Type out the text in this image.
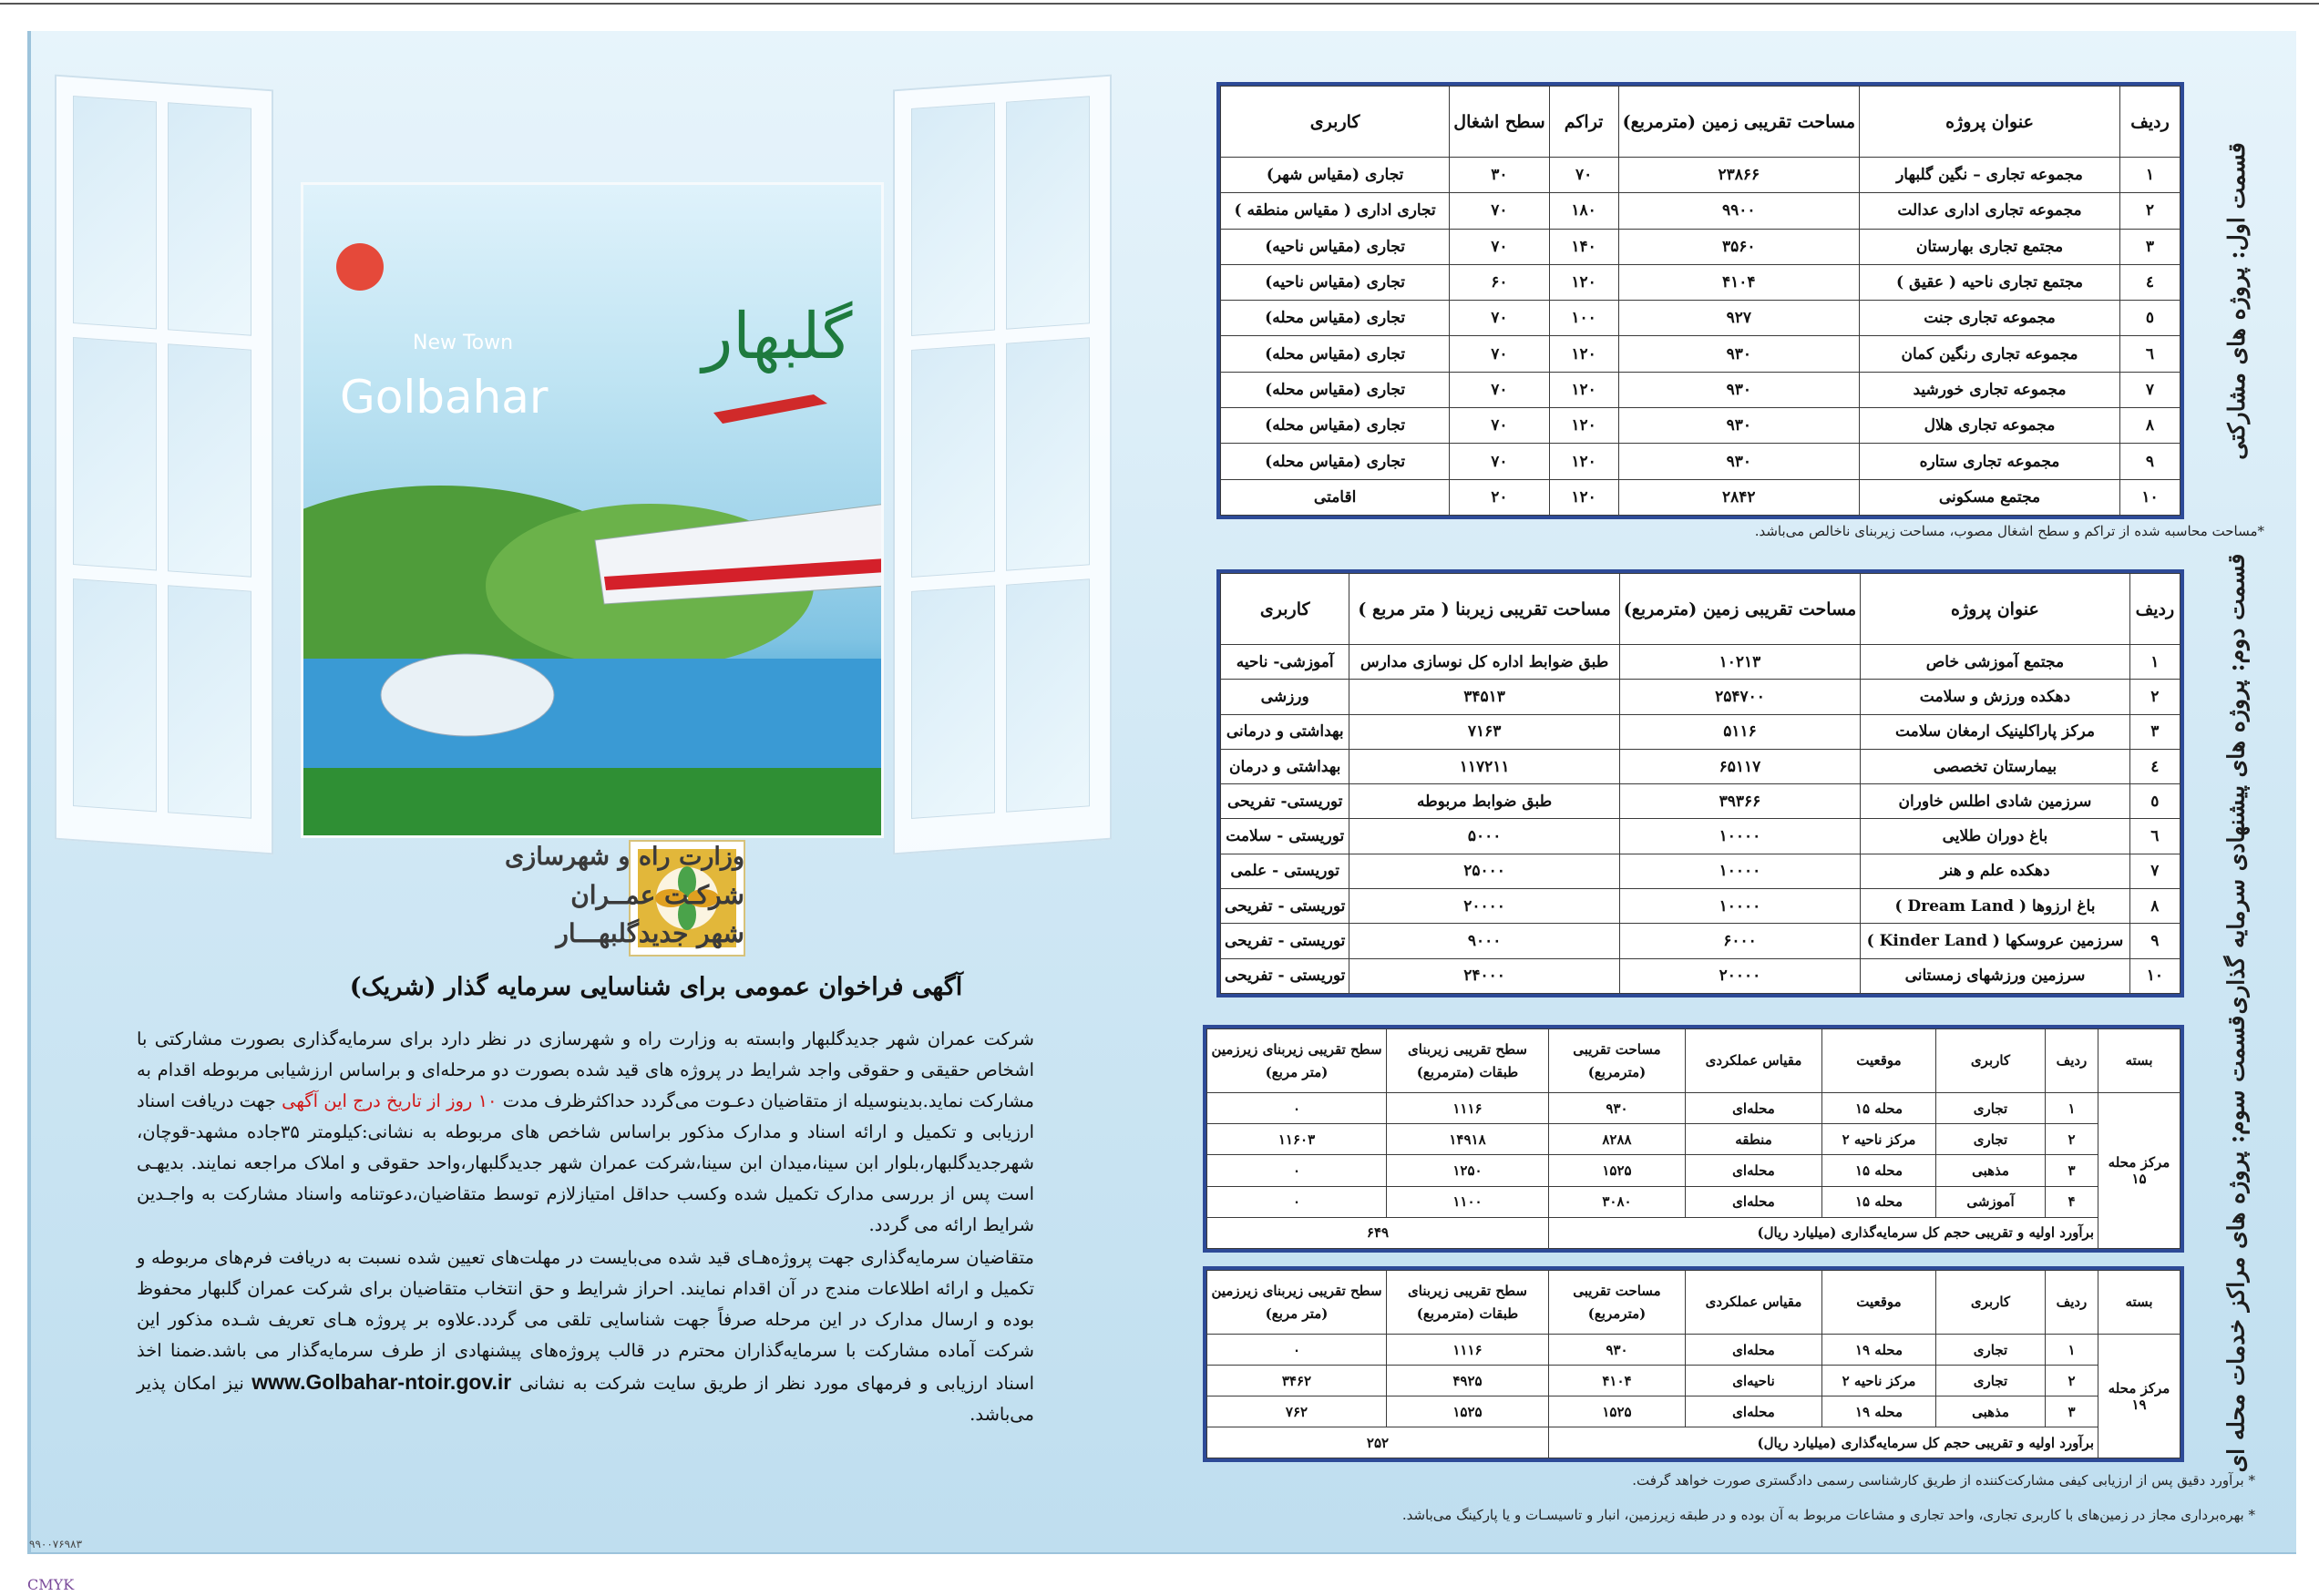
Golbahar
New Town	گلبهار
وزارت راه و شهرسازی
شرکـت عمــران
شهر جدیدگلبهـــار
آگهی فراخوان عمومی برای شناسایی سرمایه گذار (شریک)

شرکت عمران شهر جدیدگلبهار وابسته به وزارت راه و شهرسازی در نظر دارد برای سرمایه‌گذاری بصورت مشارکتی با اشخاص حقیقی و حقوقی واجد شرایط در پروژه های قید شده بصورت دو مرحله‌ای و براساس ارزشیابی مربوطه اقدام به مشارکت نماید.بدینوسیله از متقاضیان دعـوت می‌گردد حداکثرظرف مدت ۱۰ روز از تاریخ درج این آگهی جهت دریافت اسناد ارزیابی و تکمیل و ارائه اسناد و مدارک مذکور براساس شاخص های مربوطه به نشانی:کیلومتر ۳۵جاده مشهد-قوچان، شهرجدیدگلبهار،بلوار ابن سینا،میدان ابن سینا،شرکت عمران شهر جدیدگلبهار،واحد حقوقی و املاک مراجعه نمایند. بدیهـی است پس از بررسی مدارک تکمیل شده وکسب حداقل امتیازلازم توسط متقاضیان،دعوتنامه واسناد مشارکت به واجـدین شرایط ارائه می گردد.

متقاضیان سرمایه‌گذاری جهت پروژه‌هـای قید شده می‌بایست در مهلت‌های تعیین شده نسبت به دریافت فرم‌های مربوطه و تکمیل و ارائه اطلاعات مندج در آن اقدام نمایند. احراز شرایط و حق انتخاب متقاضیان برای شرکت عمران گلبهار محفوظ بوده و ارسال مدارک در این مرحله صرفاً جهت شناسایی تلقی می گردد.علاوه بر پروژه هـای تعریف شـده مذکور این شرکت آماده مشارکت با سرمایه‌گذاران محترم در قالب پروژه‌های پیشنهادی از طرف سرمایه‌گذار می باشد.ضمنا اخذ اسناد ارزیابی و فرمهای مورد نظر از طریق سایت شرکت به نشانی www.Golbahar-ntoir.gov.ir نیز امکان پذیر می‌باشد.

قسمت اول: پروژه های مشارکتی
ردیف	عنوان پروژه	مساحت تقریبی زمین (مترمربع)	تراکم	سطح اشغال	کاربری
۱	مجموعه تجاری – نگین گلبهار	۲۳۸۶۶	۷۰	۳۰	تجاری (مقیاس شهر)
۲	مجموعه تجاری اداری عدالت	۹۹۰۰	۱۸۰	۷۰	تجاری اداری ( مقیاس منطقه )
۳	مجتمع تجاری بهارستان	۳۵۶۰	۱۴۰	۷۰	تجاری (مقیاس ناحیه)
٤	مجتمع تجاری ناحیه ( عقیق )	۴۱۰۴	۱۲۰	۶۰	تجاری (مقیاس ناحیه)
٥	مجموعه تجاری جنت	۹۲۷	۱۰۰	۷۰	تجاری (مقیاس محله)
٦	مجموعه تجاری رنگین کمان	۹۳۰	۱۲۰	۷۰	تجاری (مقیاس محله)
۷	مجموعه تجاری خورشید	۹۳۰	۱۲۰	۷۰	تجاری (مقیاس محله)
۸	مجموعه تجاری هلال	۹۳۰	۱۲۰	۷۰	تجاری (مقیاس محله)
۹	مجموعه تجاری ستاره	۹۳۰	۱۲۰	۷۰	تجاری (مقیاس محله)
۱۰	مجتمع مسکونی	۲۸۴۲	۱۲۰	۲۰	اقامتی
*مساحت محاسبه شده از تراکم و سطح اشغال مصوب، مساحت زیربنای ناخالص می‌باشد.
قسمت دوم: پروژه های پیشنهادی سرمایه گذاری
ردیف	عنوان پروژه	مساحت تقریبی زمین (مترمربع)	مساحت تقریبی زیربنا ( متر مربع )	کاربری
۱	مجتمع آموزشی خاص	۱۰۲۱۳	طبق ضوابط اداره کل نوسازی مدارس	آموزشی- ناحیه
۲	دهکده ورزش و سلامت	۲۵۴۷۰۰	۳۴۵۱۳	ورزشی
۳	مرکز پاراکلینیک ارمغان سلامت	۵۱۱۶	۷۱۶۳	بهداشتی و درمانی
٤	بیمارستان تخصصی	۶۵۱۱۷	۱۱۷۲۱۱	بهداشتی و درمان
٥	سرزمین شادی اطلس خاوران	۳۹۳۶۶	طبق ضوابط مربوطه	توریستی- تفریحی
٦	باغ دوران طلایی	۱۰۰۰۰	۵۰۰۰	توریستی - سلامت
۷	دهکده علم و هنر	۱۰۰۰۰	۲۵۰۰۰	توریستی - علمی
۸	باغ ارزوها ( Dream Land )	۱۰۰۰۰	۲۰۰۰۰	توریستی - تفریحی
۹	سرزمین عروسکها ( Kinder Land )	۶۰۰۰	۹۰۰۰	توریستی - تفریحی
۱۰	سرزمین ورزشهای زمستانی	۲۰۰۰۰	۲۴۰۰۰	توریستی - تفریحی
قسمت سوم: پروژه های مراکز خدمات محله ای
بسته	ردیف	کاربری	موقعیت	مقیاس عملکردی	مساحت تقریبی (مترمربع)	سطح تقریبی زیربنای طبقات (مترمربع)	سطح تقریبی زیربنای زیرزمین (متر مربع)
مرکز محله ۱۵	۱	تجاری	محله ۱۵	محله‌ای	۹۳۰	۱۱۱۶	۰
	۲	تجاری	مرکز ناحیه ۲	منطقه	۸۲۸۸	۱۴۹۱۸	۱۱۶۰۳
	۳	مذهبی	محله ۱۵	محله‌ای	۱۵۲۵	۱۲۵۰	۰
	۴	آموزشی	محله ۱۵	محله‌ای	۳۰۸۰	۱۱۰۰	۰
	برآورد اولیه و تقریبی حجم کل سرمایه‌گذاری (میلیارد ریال)					۶۴۹	
بسته	ردیف	کاربری	موقعیت	مقیاس عملکردی	مساحت تقریبی (مترمربع)	سطح تقریبی زیربنای طبقات (مترمربع)	سطح تقریبی زیربنای زیرزمین (متر مربع)
مرکز محله ۱۹	۱	تجاری	محله ۱۹	محله‌ای	۹۳۰	۱۱۱۶	۰
	۲	تجاری	مرکز ناحیه ۲	ناحیه‌ای	۴۱۰۴	۴۹۲۵	۳۴۶۲
	۳	مذهبی	محله ۱۹	محله‌ای	۱۵۲۵	۱۵۲۵	۷۶۲
	برآورد اولیه و تقریبی حجم کل سرمایه‌گذاری (میلیارد ریال)					۲۵۲	
* برآورد دقیق پس از ارزیابی کیفی مشارکت‌کننده از طریق کارشناسی رسمی دادگستری صورت خواهد گرفت.
* بهره‌برداری مجاز در زمین‌های با کاربری تجاری، واحد تجاری و مشاعات مربوط به آن بوده و در طبقه زیرزمین، انبار و تاسیسـات و یا پارکینگ می‌باشد.
۹۹۰۰۷۶۹۸۳
CMYK
